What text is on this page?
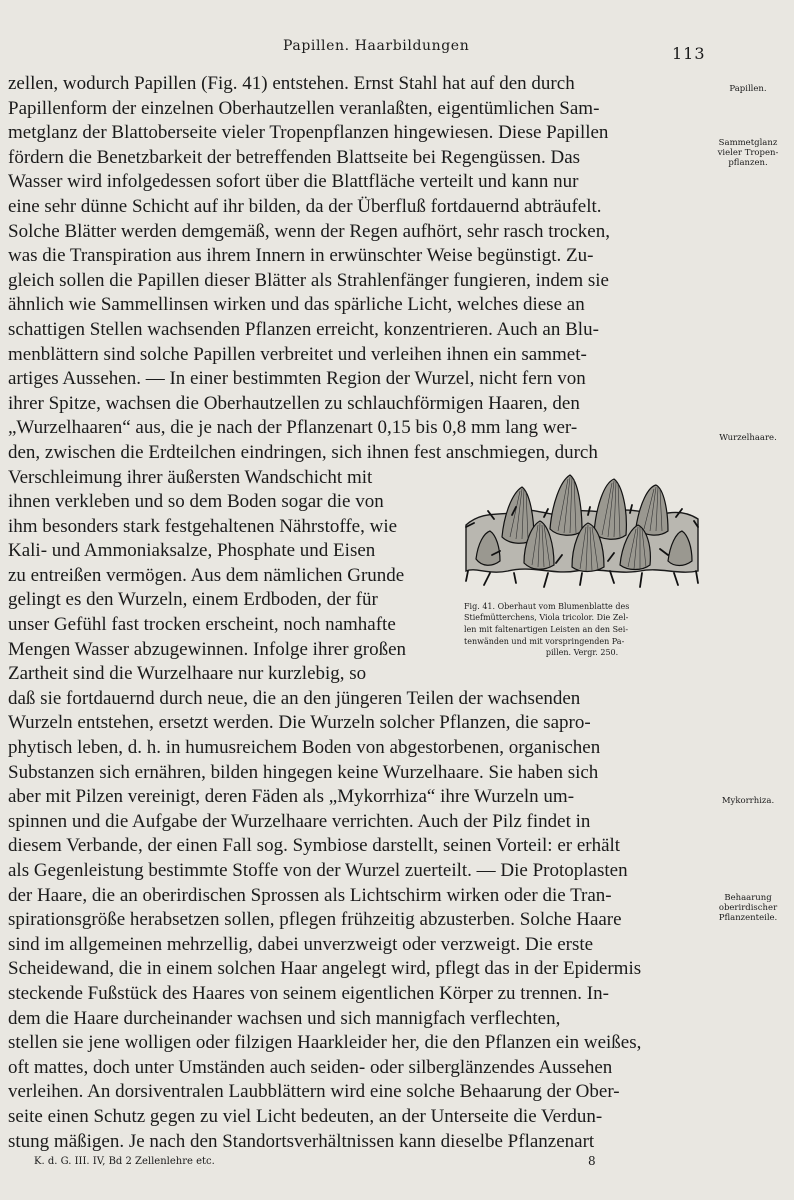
Papillen. Haarbildungen	113

zellen, wodurch Papillen (Fig. 41) entstehen. Ernst Stahl hat auf den durch
Papillenform der einzelnen Oberhautzellen veranlaßten, eigentümlichen Sam-
metglanz der Blattoberseite vieler Tropenpflanzen hingewiesen. Diese Papillen
fördern die Benetzbarkeit der betreffenden Blattseite bei Regengüssen. Das
Wasser wird infolgedessen sofort über die Blattfläche verteilt und kann nur
eine sehr dünne Schicht auf ihr bilden, da der Überfluß fortdauernd abträufelt.
Solche Blätter werden demgemäß, wenn der Regen aufhört, sehr rasch trocken,
was die Transpiration aus ihrem Innern in erwünschter Weise begünstigt. Zu-
gleich sollen die Papillen dieser Blätter als Strahlenfänger fungieren, indem sie
ähnlich wie Sammellinsen wirken und das spärliche Licht, welches diese an
schattigen Stellen wachsenden Pflanzen erreicht, konzentrieren. Auch an Blu-
menblättern sind solche Papillen verbreitet und verleihen ihnen ein sammet-
artiges Aussehen. — In einer bestimmten Region der Wurzel, nicht fern von
ihrer Spitze, wachsen die Oberhautzellen zu schlauchförmigen Haaren, den
„Wurzelhaaren“ aus, die je nach der Pflanzenart 0,15 bis 0,8 mm lang wer-
den, zwischen die Erdteilchen eindringen, sich ihnen fest anschmiegen, durch

Fig. 41. Oberhaut vom Blumenblatte des
Stiefmütterchens, Viola tricolor. Die Zel-
len mit faltenartigen Leisten an den Sei-
tenwänden und mit vorspringenden Pa-
pillen. Vergr. 250.

Verschleimung ihrer äußersten Wandschicht mit
ihnen verkleben und so dem Boden sogar die von
ihm besonders stark festgehaltenen Nährstoffe, wie
Kali- und Ammoniaksalze, Phosphate und Eisen
zu entreißen vermögen. Aus dem nämlichen Grunde
gelingt es den Wurzeln, einem Erdboden, der für
unser Gefühl fast trocken erscheint, noch namhafte
Mengen Wasser abzugewinnen. Infolge ihrer großen
Zartheit sind die Wurzelhaare nur kurzlebig, so

daß sie fortdauernd durch neue, die an den jüngeren Teilen der wachsenden
Wurzeln entstehen, ersetzt werden. Die Wurzeln solcher Pflanzen, die sapro-
phytisch leben, d. h. in humusreichem Boden von abgestorbenen, organischen
Substanzen sich ernähren, bilden hingegen keine Wurzelhaare. Sie haben sich
aber mit Pilzen vereinigt, deren Fäden als „Mykorrhiza“ ihre Wurzeln um-
spinnen und die Aufgabe der Wurzelhaare verrichten. Auch der Pilz findet in
diesem Verbande, der einen Fall sog. Symbiose darstellt, seinen Vorteil: er erhält
als Gegenleistung bestimmte Stoffe von der Wurzel zuerteilt. — Die Protoplasten
der Haare, die an oberirdischen Sprossen als Lichtschirm wirken oder die Tran-
spirationsgröße herabsetzen sollen, pflegen frühzeitig abzusterben. Solche Haare
sind im allgemeinen mehrzellig, dabei unverzweigt oder verzweigt. Die erste
Scheidewand, die in einem solchen Haar angelegt wird, pflegt das in der Epidermis
steckende Fußstück des Haares von seinem eigentlichen Körper zu trennen. In-
dem die Haare durcheinander wachsen und sich mannigfach verflechten,
stellen sie jene wolligen oder filzigen Haarkleider her, die den Pflanzen ein weißes,
oft mattes, doch unter Umständen auch seiden- oder silberglänzendes Aussehen
verleihen. An dorsiventralen Laubblättern wird eine solche Behaarung der Ober-
seite einen Schutz gegen zu viel Licht bedeuten, an der Unterseite die Verdun-
stung mäßigen. Je nach den Standortsverhältnissen kann dieselbe Pflanzenart

Papillen.
Sammetglanz
vieler Tropen-
pflanzen.
Wurzelhaare.
Mykorrhiza.
Behaarung
oberirdischer
Pflanzenteile.
K. d. G. III. IV, Bd 2 Zellenlehre etc.	8
